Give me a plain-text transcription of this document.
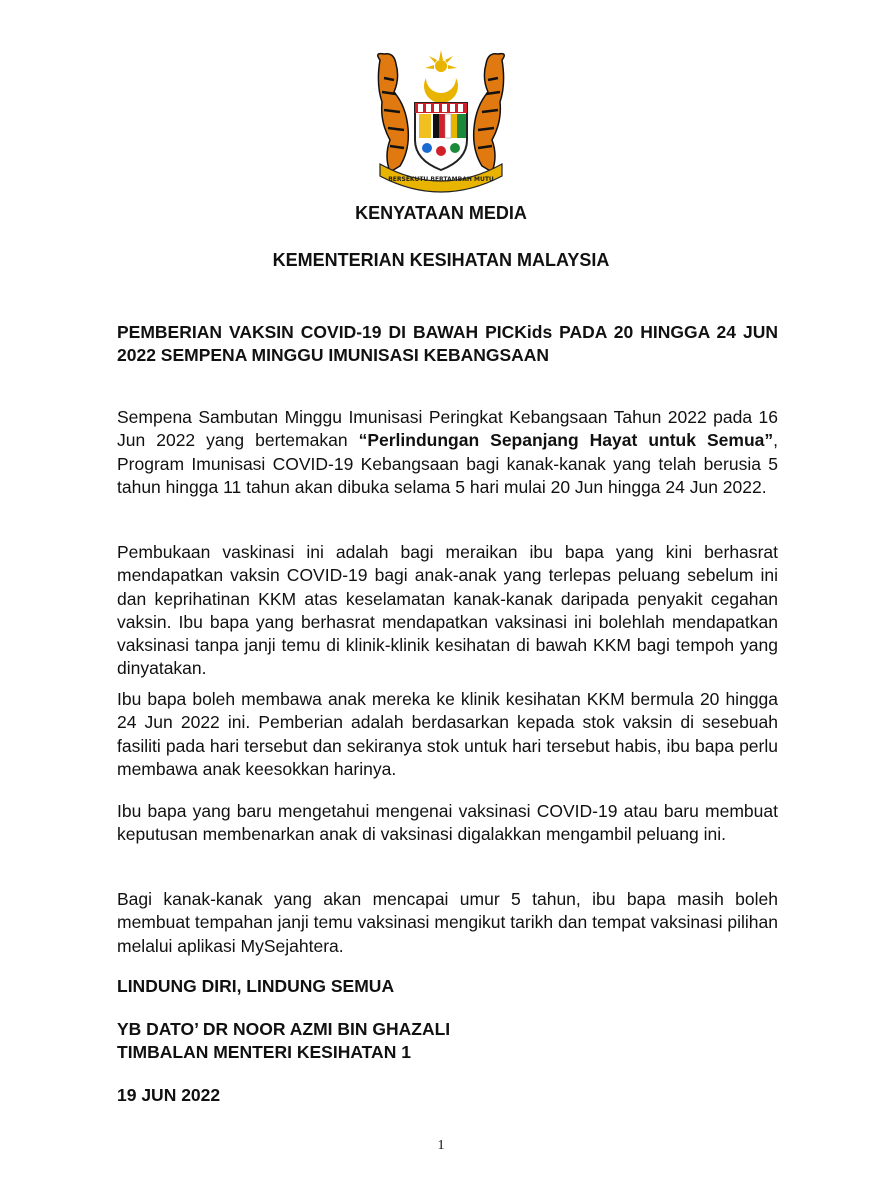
BERSEKUTU BERTAMBAH MUTU
KENYATAAN MEDIA
KEMENTERIAN KESIHATAN MALAYSIA
PEMBERIAN VAKSIN COVID-19 DI BAWAH PICKids PADA 20 HINGGA 24 JUN 2022 SEMPENA MINGGU IMUNISASI KEBANGSAAN
Sempena Sambutan Minggu Imunisasi Peringkat Kebangsaan Tahun 2022 pada 16 Jun 2022 yang bertemakan “Perlindungan Sepanjang Hayat untuk Semua”, Program Imunisasi COVID-19 Kebangsaan bagi kanak-kanak yang telah berusia 5 tahun hingga 11 tahun akan dibuka selama 5 hari mulai 20 Jun hingga 24 Jun 2022.
Pembukaan vaskinasi ini adalah bagi meraikan ibu bapa yang kini berhasrat mendapatkan vaksin COVID-19 bagi anak-anak yang terlepas peluang sebelum ini dan keprihatinan KKM atas keselamatan kanak-kanak daripada penyakit cegahan vaksin. Ibu bapa yang berhasrat mendapatkan vaksinasi ini bolehlah mendapatkan vaksinasi tanpa janji temu di klinik-klinik kesihatan di bawah KKM bagi tempoh yang dinyatakan.
Ibu bapa boleh membawa anak mereka ke klinik kesihatan KKM bermula 20 hingga 24 Jun 2022 ini. Pemberian adalah berdasarkan kepada stok vaksin di sesebuah fasiliti pada hari tersebut dan sekiranya stok untuk hari tersebut habis, ibu bapa perlu membawa anak keesokkan harinya.
Ibu bapa yang baru mengetahui mengenai vaksinasi COVID-19 atau baru membuat keputusan membenarkan anak di vaksinasi digalakkan mengambil peluang ini.
Bagi kanak-kanak yang akan mencapai umur 5 tahun, ibu bapa masih boleh membuat tempahan janji temu vaksinasi mengikut tarikh dan tempat vaksinasi pilihan melalui aplikasi MySejahtera.
LINDUNG DIRI, LINDUNG SEMUA
YB DATO’ DR NOOR AZMI BIN GHAZALI
TIMBALAN MENTERI KESIHATAN 1
19 JUN 2022
1
